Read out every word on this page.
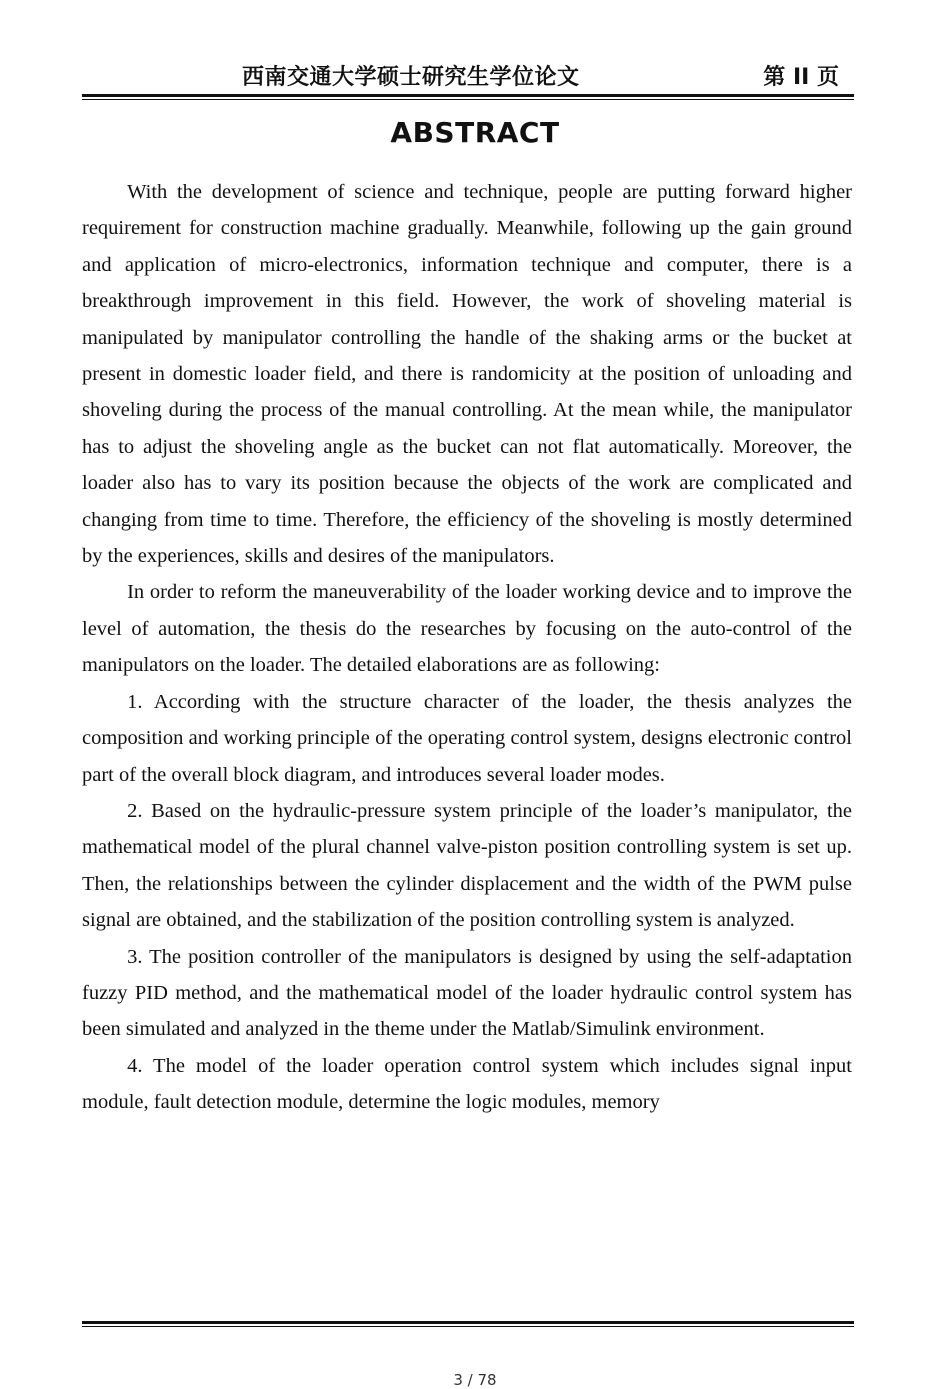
西南交通大学硕士研究生学位论文	第 II 页
ABSTRACT

With the development of science and technique, people are putting forward higher requirement for construction machine gradually. Meanwhile, following up the gain ground and application of micro-electronics, information technique and computer, there is a breakthrough improvement in this field. However, the work of shoveling material is manipulated by manipulator controlling the handle of the shaking arms or the bucket at present in domestic loader field, and there is randomicity at the position of unloading and shoveling during the process of the manual controlling. At the mean while, the manipulator has to adjust the shoveling angle as the bucket can not flat automatically. Moreover, the loader also has to vary its position because the objects of the work are complicated and changing from time to time. Therefore, the efficiency of the shoveling is mostly determined by the experiences, skills and desires of the manipulators.

In order to reform the maneuverability of the loader working device and to improve the level of automation, the thesis do the researches by focusing on the auto-control of the manipulators on the loader. The detailed elaborations are as following:

1. According with the structure character of the loader, the thesis analyzes the composition and working principle of the operating control system, designs electronic control part of the overall block diagram, and introduces several loader modes.

2. Based on the hydraulic-pressure system principle of the loader’s manipulator, the mathematical model of the plural channel valve-piston position controlling system is set up. Then, the relationships between the cylinder displacement and the width of the PWM pulse signal are obtained, and the stabilization of the position controlling system is analyzed.

3. The position controller of the manipulators is designed by using the self-adaptation fuzzy PID method, and the mathematical model of the loader hydraulic control system has been simulated and analyzed in the theme under the Matlab/Simulink environment.

4. The model of the loader operation control system which includes signal input module, fault detection module, determine the logic modules, memory

3 / 78
